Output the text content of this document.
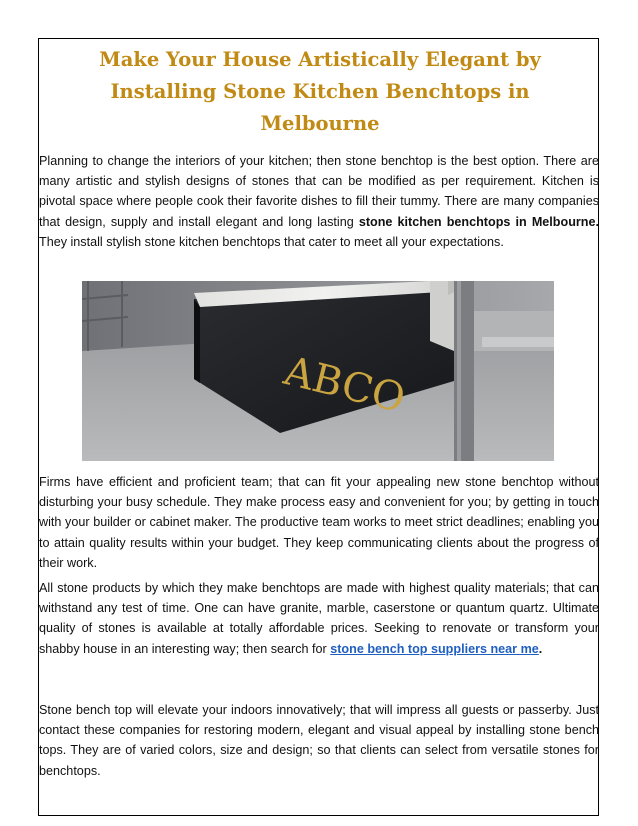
Make Your House Artistically Elegant by Installing Stone Kitchen Benchtops in Melbourne

Planning to change the interiors of your kitchen; then stone benchtop is the best option. There are many artistic and stylish designs of stones that can be modified as per requirement. Kitchen is pivotal space where people cook their favorite dishes to fill their tummy. There are many companies that design, supply and install elegant and long lasting stone kitchen benchtops in Melbourne. They install stylish stone kitchen benchtops that cater to meet all your expectations.

ABCO

Firms have efficient and proficient team; that can fit your appealing new stone benchtop without disturbing your busy schedule. They make process easy and convenient for you; by getting in touch with your builder or cabinet maker. The productive team works to meet strict deadlines; enabling you to attain quality results within your budget. They keep communicating clients about the progress of their work.

All stone products by which they make benchtops are made with highest quality materials; that can withstand any test of time. One can have granite, marble, caserstone or quantum quartz. Ultimate quality of stones is available at totally affordable prices. Seeking to renovate or transform your shabby house in an interesting way; then search for stone bench top suppliers near me.

Stone bench top will elevate your indoors innovatively; that will impress all guests or passerby. Just contact these companies for restoring modern, elegant and visual appeal by installing stone bench tops. They are of varied colors, size and design; so that clients can select from versatile stones for benchtops.
